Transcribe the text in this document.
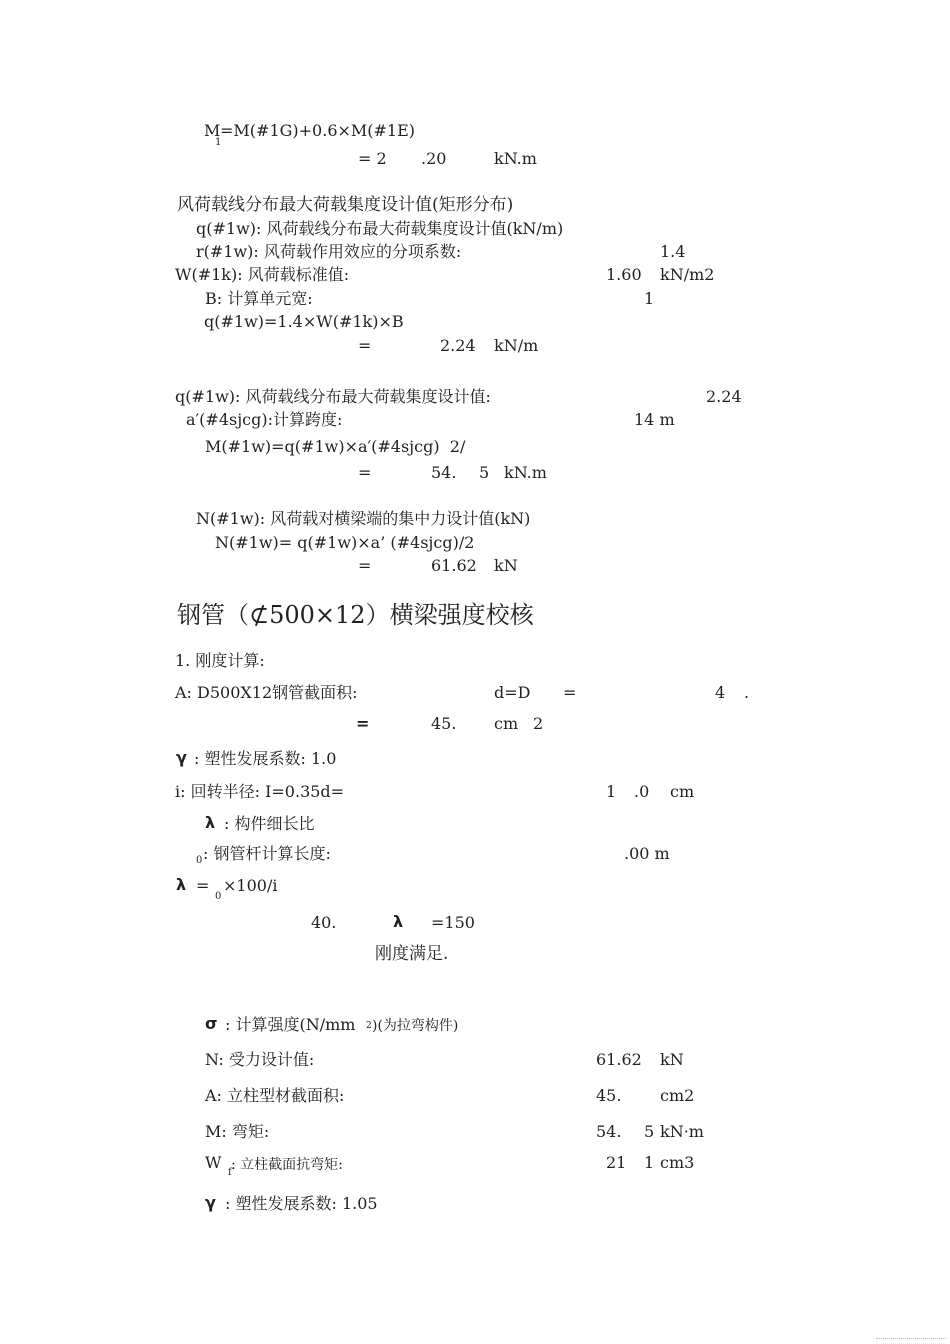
M
1
=M(#1G)+0.6×M(#1E)
= 2 .20	kN.m
风荷载线分布最大荷载集度设计值(矩形分布)
q(#1w): 风荷载线分布最大荷载集度设计值(kN/m)
r(#1w): 风荷载作用效应的分项系数:	1.4
W(#1k): 风荷载标准值:	1.60 kN/m2
B: 计算单元宽:	1
q(#1w)=1.4×W(#1k)×B
=	2.24 kN/m
q(#1w): 风荷载线分布最大荷载集度设计值:	2.24
a′(#4sjcg):计算跨度:	14 m
M(#1w)=q(#1w)×a′(#4sjcg)  2/
=	54. 5 kN.m
N(#1w): 风荷载对横梁端的集中力设计值(kN)
N(#1w)= q(#1w)×a’ (#4sjcg)/2
=	61.62 kN
钢管（⊄500×12）横梁强度校核
1. 刚度计算:
A: D500X12钢管截面积:	d=D =	4 .
=	45. cm 2
γ : 塑性发展系数: 1.0
i: 回转半径: I=0.35d=	1 .0 cm
λ : 构件细长比
0 : 钢管杆计算长度:	.00 m
λ =
0
×100/i
40.	λ =150
刚度满足.
σ : 计算强度(N/mm 2 )(为拉弯构件)
N: 受力设计值:	61.62 kN
A: 立柱型材截面积:	45. cm2
M: 弯矩:	54. 5 kN·m
W
f : 立柱截面抗弯矩:	21 1 cm3
γ : 塑性发展系数: 1.05
